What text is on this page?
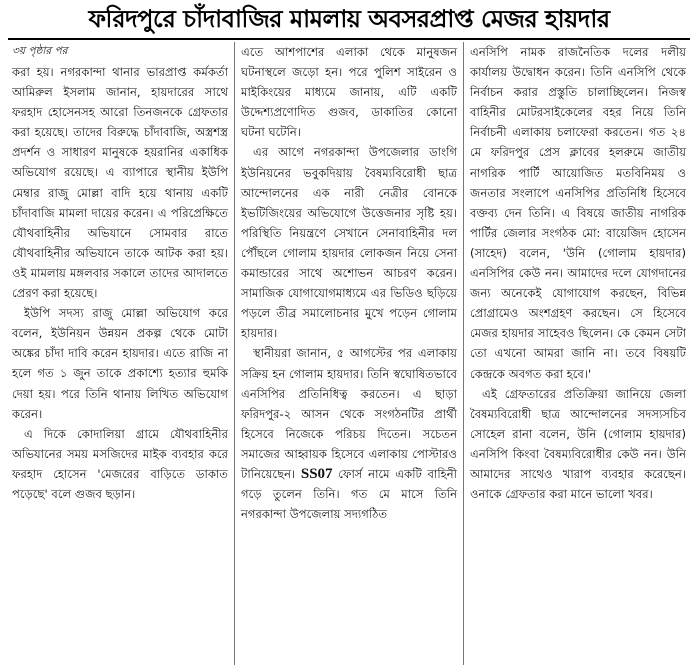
ফরিদপুরে চাঁদাবাজির মামলায় অবসরপ্রাপ্ত মেজর হায়দার
৩য় পৃষ্ঠার পর

করা হয়। নগরকান্দা থানার ভারপ্রাপ্ত কর্মকর্তা আমিরুল ইসলাম জানান, হায়দারের সাথে ফরহাদ হোসেনসহ আরো তিনজনকে গ্রেফতার করা হয়েছে। তাদের বিরুদ্ধে চাঁদাবাজি, অস্ত্রশস্ত্র প্রদর্শন ও সাধারণ মানুষকে হয়রানির একাধিক অভিযোগ রয়েছে। এ ব্যাপারে স্থানীয় ইউপি মেম্বার রাজু মোল্লা বাদি হয়ে থানায় একটি চাঁদাবাজি মামলা দায়ের করেন। এ পরিপ্রেক্ষিতে যৌথবাহিনীর অভিযানে সোমবার রাতে যৌথবাহিনীর অভিযানে তাকে আটক করা হয়। ওই মামলায় মঙ্গলবার সকালে তাদের আদালতে প্রেরণ করা হয়েছে।

ইউপি সদস্য রাজু মোল্লা অভিযোগ করে বলেন, ইউনিয়ন উন্নয়ন প্রকল্প থেকে মোটা অঙ্কের চাঁদা দাবি করেন হায়দার। এতে রাজি না হলে গত ১ জুন তাকে প্রকাশ্যে হত্যার হুমকি দেয়া হয়। পরে তিনি থানায় লিখিত অভিযোগ করেন।

এ দিকে কোদালিয়া গ্রামে যৌথবাহিনীর অভিযানের সময় মসজিদের মাইক ব্যবহার করে ফরহাদ হোসেন 'মেজরের বাড়িতে ডাকাত পড়েছে' বলে গুজব ছড়ান।

এতে আশপাশের এলাকা থেকে মানুষজন ঘটনাস্থলে জড়ো হন। পরে পুলিশ সাইরেন ও মাইকিংয়ের মাধ্যমে জানায়, এটি একটি উদ্দেশ্যপ্রণোদিত গুজব, ডাকাতির কোনো ঘটনা ঘটেনি।

এর আগে নগরকান্দা উপজেলার ডাংগি ইউনিয়নের ভবুকদিয়ায় বৈষম্যবিরোধী ছাত্র আন্দোলনের এক নারী নেত্রীর বোনকে ইভটিজিংয়ের অভিযোগে উত্তেজনার সৃষ্টি হয়। পরিস্থিতি নিয়ন্ত্রণে সেখানে সেনাবাহিনীর দল পৌঁছলে গোলাম হায়দার লোকজন নিয়ে সেনা কমান্ডারের সাথে অশোভন আচরণ করেন। সামাজিক যোগাযোগমাধ্যমে এর ভিডিও ছড়িয়ে পড়লে তীব্র সমালোচনার মুখে পড়েন গোলাম হায়দার।

স্থানীয়রা জানান, ৫ আগস্টের পর এলাকায় সক্রিয় হন গোলাম হায়দার। তিনি স্বঘোষিতভাবে এনসিপির প্রতিনিধিত্ব করতেন। এ ছাড়া ফরিদপুর-২ আসন থেকে সংগঠনটির প্রার্থী হিসেবে নিজেকে পরিচয় দিতেন। সচেতন সমাজের আহ্বায়ক হিসেবে এলাকায় পোস্টারও টানিয়েছেন। SS07 ফোর্স নামে একটি বাহিনী গড়ে তুলেন তিনি। গত মে মাসে তিনি নগরকান্দা উপজেলায় সদ্যগঠিত

এনসিপি নামক রাজনৈতিক দলের দলীয় কার্যালয় উদ্বোধন করেন। তিনি এনসিপি থেকে নির্বাচন করার প্রস্তুতি চালাচ্ছিলেন। নিজস্ব বাহিনীর মোটরসাইকেলের বহর নিয়ে তিনি নির্বাচনী এলাকায় চলাফেরা করতেন। গত ২৪ মে ফরিদপুর প্রেস ক্লাবের হলরুমে জাতীয় নাগরিক পার্টি আয়োজিত মতবিনিময় ও জনতার সংলাপে এনসিপির প্রতিনিধি হিসেবে বক্তব্য দেন তিনি। এ বিষয়ে জাতীয় নাগরিক পার্টির জেলার সংগঠক মো: বায়েজিদ হোসেন (সাহেদ) বলেন, 'উনি (গোলাম হায়দার) এনসিপির কেউ নন। আমাদের দলে যোগদানের জন্য অনেকেই যোগাযোগ করছেন, বিভিন্ন প্রোগ্রামেও অংশগ্রহণ করছেন। সে হিসেবে মেজর হায়দার সাহেবও ছিলেন। কে কেমন সেটা তো এখনো আমরা জানি না। তবে বিষয়টি কেন্দ্রকে অবগত করা হবে।'

এই গ্রেফতারের প্রতিক্রিয়া জানিয়ে জেলা বৈষম্যবিরোধী ছাত্র আন্দোলনের সদস্যসচিব সোহেল রানা বলেন, উনি (গোলাম হায়দার) এনসিপি কিংবা বৈষম্যবিরোধীর কেউ নন। উনি আমাদের সাথেও খারাপ ব্যবহার করেছেন। ওনাকে গ্রেফতার করা মানে ভালো খবর।
